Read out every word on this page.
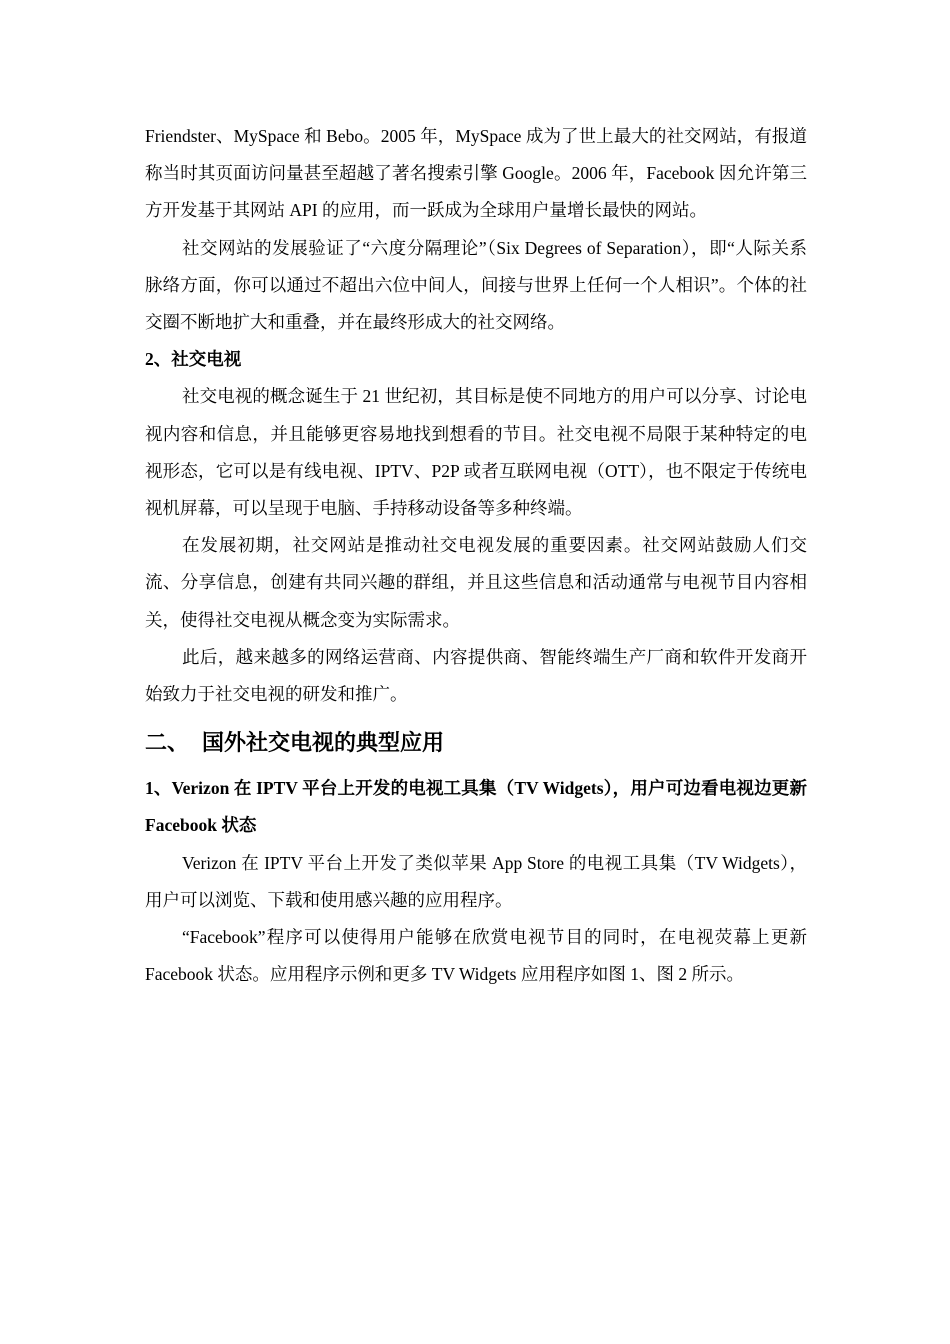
Friendster、MySpace 和 Bebo。2005 年，MySpace 成为了世上最大的社交网站，有报道称当时其页面访问量甚至超越了著名搜索引擎 Google。2006 年，Facebook 因允许第三方开发基于其网站 API 的应用，而一跃成为全球用户量增长最快的网站。

社交网站的发展验证了“六度分隔理论”（Six Degrees of Separation），即“人际关系脉络方面，你可以通过不超出六位中间人，间接与世界上任何一个人相识”。个体的社交圈不断地扩大和重叠，并在最终形成大的社交网络。

2、社交电视

社交电视的概念诞生于 21 世纪初，其目标是使不同地方的用户可以分享、讨论电视内容和信息，并且能够更容易地找到想看的节目。社交电视不局限于某种特定的电视形态，它可以是有线电视、IPTV、P2P 或者互联网电视（OTT），也不限定于传统电视机屏幕，可以呈现于电脑、手持移动设备等多种终端。

在发展初期，社交网站是推动社交电视发展的重要因素。社交网站鼓励人们交流、分享信息，创建有共同兴趣的群组，并且这些信息和活动通常与电视节目内容相关，使得社交电视从概念变为实际需求。

此后，越来越多的网络运营商、内容提供商、智能终端生产厂商和软件开发商开始致力于社交电视的研发和推广。

二、 国外社交电视的典型应用

1、Verizon 在 IPTV 平台上开发的电视工具集（TV Widgets），用户可边看电视边更新 Facebook 状态

Verizon 在 IPTV 平台上开发了类似苹果 App Store 的电视工具集（TV Widgets），用户可以浏览、下载和使用感兴趣的应用程序。

“Facebook”程序可以使得用户能够在欣赏电视节目的同时，在电视荧幕上更新 Facebook 状态。应用程序示例和更多 TV Widgets 应用程序如图 1、图 2 所示。
